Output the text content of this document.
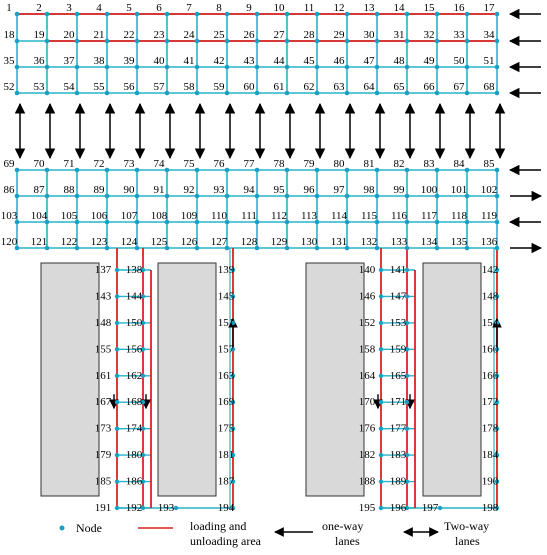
1 2 3 4 5 6 7 8 9 10 11 12 13 14 15 16 17
18 19 20 21 22 23 24 25 26 27 28 29 30 31 32 33 34
35 36 37 38 39 40 41 42 43 44 45 46 47 48 49 50 51
52 53 54 55 56 57 58 59 60 61 62 63 64 65 66 67 68
69 70 71 72 73 74 75 76 77 78 79 80 81 82 83 84 85
86 87 88 89 90 91 92 93 94 95 96 97 98 99 100 101 102
103 104 105 106 107 108 109 110 111 112 113 114 115 116 117 118 119
120 121 122 123 124 125 126 127 128 129 130 131 132 133 134 135 136
137 138	139
143 144	145
148 150	151
155 156	157
161 162	163
167 168	169
173 174	175
179 180	181
185 186	187
191 192	194
193
140 141	142
146 147	148
152 153	154
158 159	160
164 165	166
170 171	172
176 177	178
182 183	184
188 189	190
195 196	198
197
Node	loading and
unloading area
one-way
lanes
Two-way
lanes
